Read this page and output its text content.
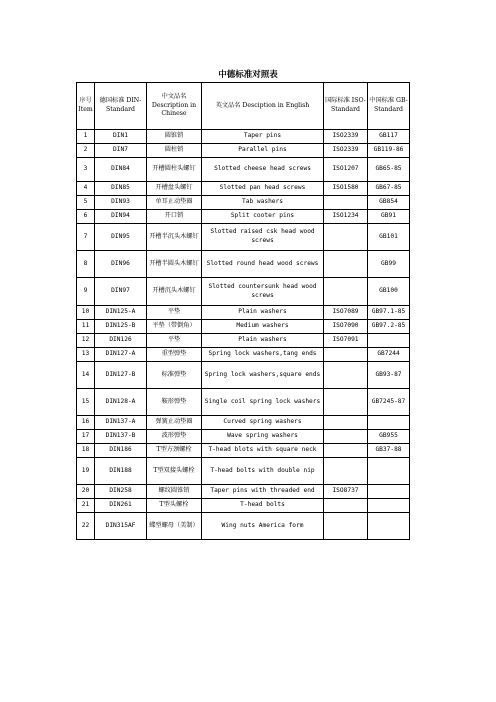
中德标准对照表
序号 Item	德国标准 DIN-Standard	中文品名 Description in Chinese	英文品名 Desciption in English	国际标准 ISO-Standard	中国标准 GB-Standard
1	DIN1	圆锥销	Taper pins	ISO2339	GB117
2	DIN7	圆柱销	Parallel pins	ISO2339	GB119-86
3	DIN84	开槽圆柱头螺钉	Slotted cheese head screws	ISO1207	GB65-85
4	DIN85	开槽盘头螺钉	Slotted pan head screws	ISO1580	GB67-85
5	DIN93	单耳止动垫圈	Tab washers		GB854
6	DIN94	开口销	Split cooter pins	ISO1234	GB91
7	DIN95	开槽半沉头木螺钉	Slotted raised csk head wood screws		GB101
8	DIN96	开槽半圆头木螺钉	Slotted round head wood screws		GB99
9	DIN97	开槽沉头木螺钉	Slotted countersunk head wood screws		GB100
10	DIN125-A	平垫	Plain washers	ISO7089	GB97.1-85
11	DIN125-B	平垫（带倒角）	Medium washers	ISO7090	GB97.2-85
12	DIN126	平垫	Plain washers	ISO7091	
13	DIN127-A	重型弹垫	Spring lock washers,tang ends		GB7244
14	DIN127-B	标准弹垫	Spring lock washers,square ends		GB93-87
15	DIN128-A	鞍形弹垫	Single coil spring lock washers		GB7245-87
16	DIN137-A	弹簧止动垫圈	Curved spring washers		
17	DIN137-B	波形弹垫	Wave spring washers		GB955
18	DIN186	T型方颈螺栓	T-head blots with square neck		GB37-88
19	DIN188	T型双接头螺栓	T-head bolts with double nip		
20	DIN258	螺纹圆锥销	Taper pins with threaded end	ISO8737	
21	DIN261	T型头螺栓	T-head bolts		
22	DIN315AF	蝶型螺母（美制）	Wing nuts America form		
